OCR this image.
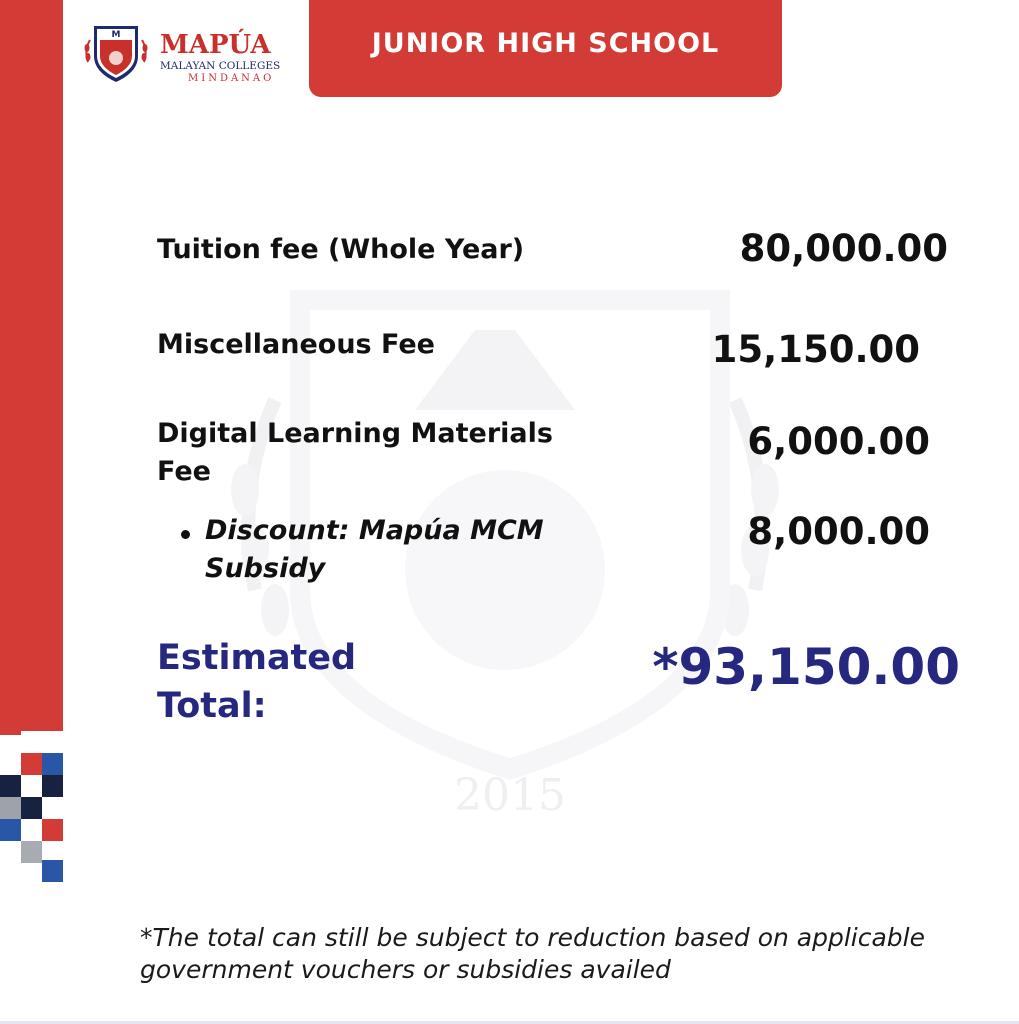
M MAPÚA
MALAYAN COLLEGES
MINDANAO
JUNIOR HIGH SCHOOL
2015
Tuition fee (Whole Year)	80,000.00
Miscellaneous Fee	15,150.00
Digital Learning Materials Fee
6,000.00
Discount: Mapúa MCM Subsidy
8,000.00
Estimated Total:
*93,150.00
*The total can still be subject to reduction based on applicable government vouchers or subsidies availed
